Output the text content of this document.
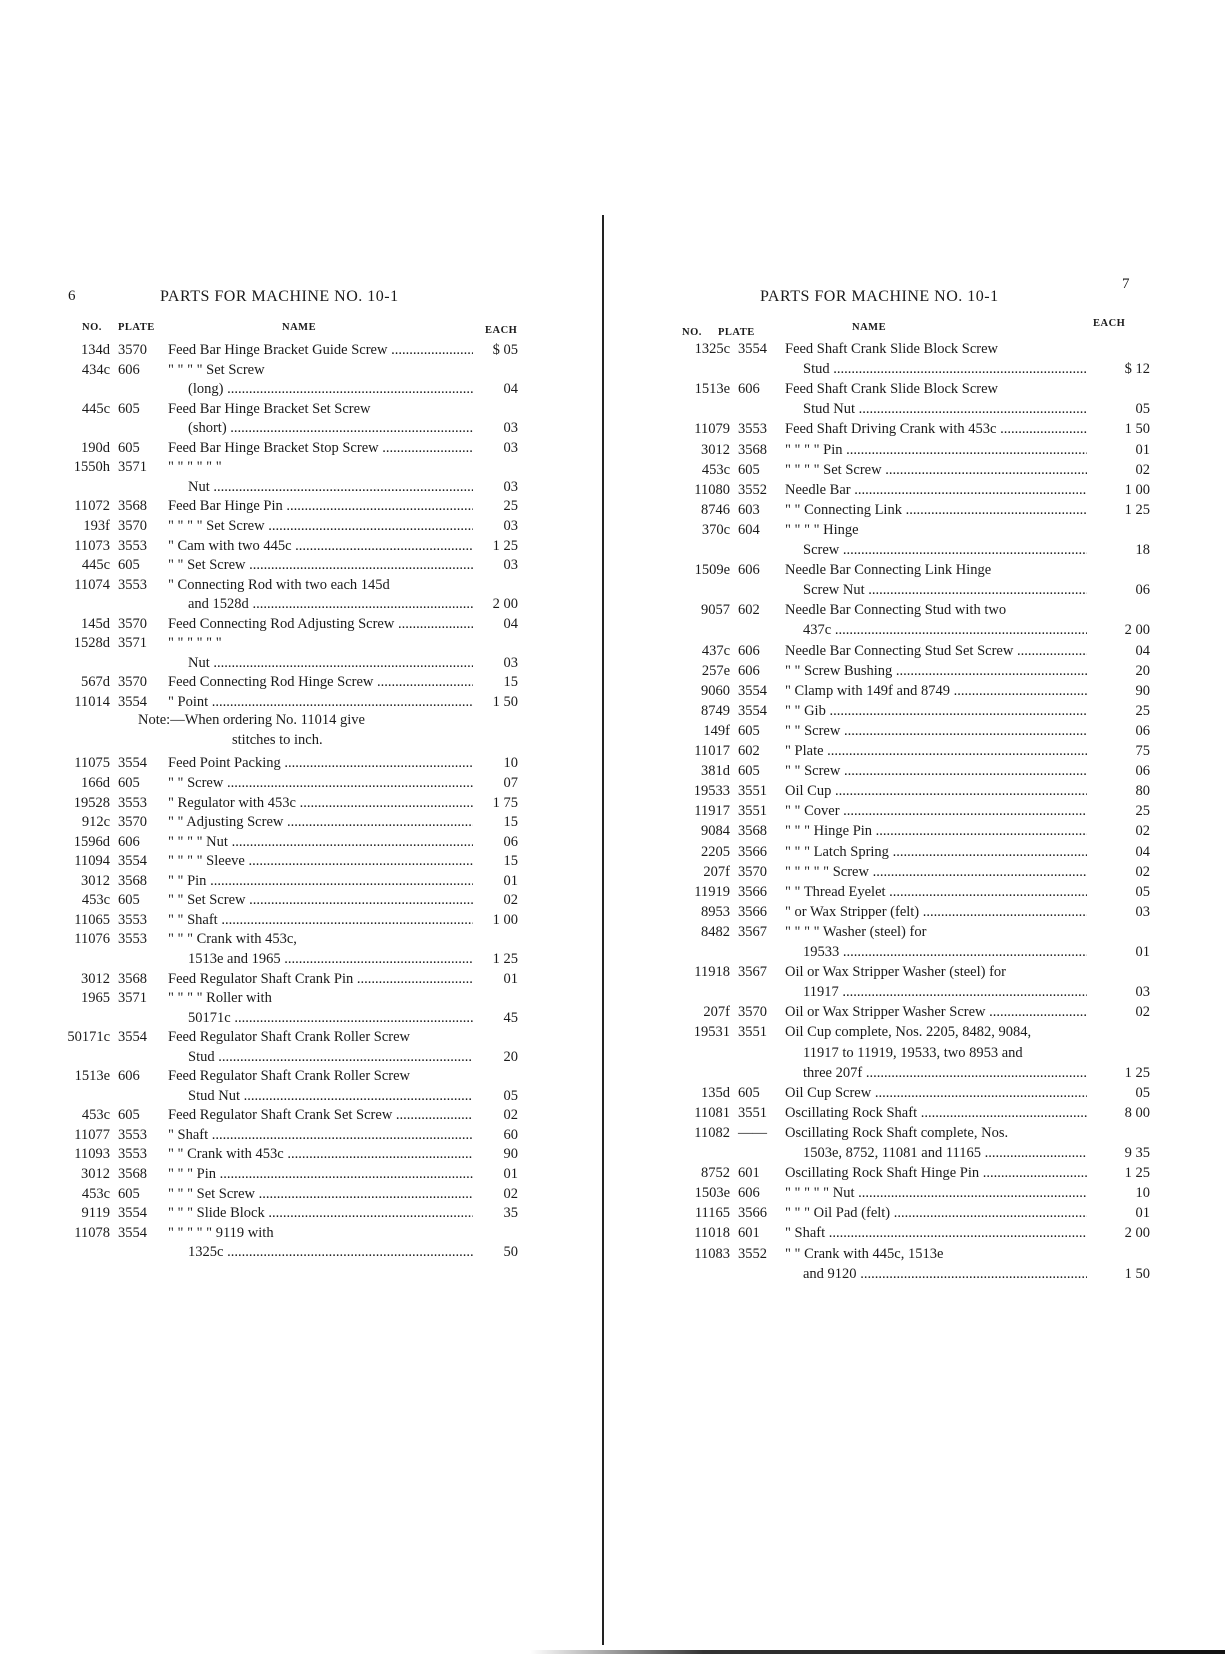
6	PARTS FOR MACHINE NO. 10-1
NO. PLATE	NAME	EACH
134d 3570	Feed Bar Hinge Bracket Guide Screw .....	$ 05
434c 606	" " " " Set Screw
(long) .....	04
445c 605	Feed Bar Hinge Bracket Set Screw
(short) .....	03
190d 605	Feed Bar Hinge Bracket Stop Screw .....	03
1550h 3571	" " " " " "
Nut .....	03
11072 3568	Feed Bar Hinge Pin .....	25
193f 3570	" " " " Set Screw .....	03
11073 3553	" Cam with two 445c .....	1 25
445c 605	" " Set Screw .....	03
11074 3553	" Connecting Rod with two each 145d
and 1528d .....	2 00
145d 3570	Feed Connecting Rod Adjusting Screw .....	04
1528d 3571	" " " " " "
Nut .....	03
567d 3570	Feed Connecting Rod Hinge Screw .....	15
11014 3554	" Point .....	1 50
11075 3554	Feed Point Packing .....	10
166d 605	" " Screw .....	07
19528 3553	" Regulator with 453c .....	1 75
912c 3570	" " Adjusting Screw .....	15
1596d 606	" " " " Nut .....	06
11094 3554	" " " " Sleeve .....	15
3012 3568	" " Pin .....	01
453c 605	" " Set Screw .....	02
11065 3553	" " Shaft .....	1 00
11076 3553	" " " Crank with 453c,
1513e and 1965 .....	1 25
3012 3568	Feed Regulator Shaft Crank Pin .....	01
1965 3571	" " " " Roller with
50171c .....	45
50171c 3554	Feed Regulator Shaft Crank Roller Screw
Stud .....	20
1513e 606	Feed Regulator Shaft Crank Roller Screw
Stud Nut .....	05
453c 605	Feed Regulator Shaft Crank Set Screw .....	02
11077 3553	" Shaft .....	60
11093 3553	" " Crank with 453c .....	90
3012 3568	" " " Pin .....	01
453c 605	" " " Set Screw .....	02
9119 3554	" " " Slide Block .....	35
11078 3554	" " " " " 9119 with
1325c .....	50
Note:—When ordering No. 11014 give
stitches to inch.
PARTS FOR MACHINE NO. 10-1
7
NO. PLATE	NAME	EACH
1325c 3554	Feed Shaft Crank Slide Block Screw
Stud .....	$ 12
1513e 606	Feed Shaft Crank Slide Block Screw
Stud Nut .....	05
11079 3553	Feed Shaft Driving Crank with 453c .....	1 50
3012 3568	" " " " Pin .....	01
453c 605	" " " " Set Screw .....	02
11080 3552	Needle Bar .....	1 00
8746 603	" " Connecting Link .....	1 25
370c 604	" " " " Hinge
Screw .....	18
1509e 606	Needle Bar Connecting Link Hinge
Screw Nut .....	06
9057 602	Needle Bar Connecting Stud with two
437c .....	2 00
437c 606	Needle Bar Connecting Stud Set Screw .....	04
257e 606	" " Screw Bushing .....	20
9060 3554	" Clamp with 149f and 8749 .....	90
8749 3554	" " Gib .....	25
149f 605	" " Screw .....	06
11017 602	" Plate .....	75
381d 605	" " Screw .....	06
19533 3551	Oil Cup .....	80
11917 3551	" " Cover .....	25
9084 3568	" " " Hinge Pin .....	02
2205 3566	" " " Latch Spring .....	04
207f 3570	" " " " " Screw .....	02
11919 3566	" " Thread Eyelet .....	05
8953 3566	" or Wax Stripper (felt) .....	03
8482 3567	" " " " Washer (steel) for
19533 .....	01
11918 3567	Oil or Wax Stripper Washer (steel) for
11917 .....	03
207f 3570	Oil or Wax Stripper Washer Screw .....	02
19531 3551	Oil Cup complete, Nos. 2205, 8482, 9084,
11917 to 11919, 19533, two 8953 and
three 207f .....	1 25
135d 605	Oil Cup Screw .....	05
11081 3551	Oscillating Rock Shaft .....	8 00
11082 ——	Oscillating Rock Shaft complete, Nos.
1503e, 8752, 11081 and 11165 .....	9 35
8752 601	Oscillating Rock Shaft Hinge Pin .....	1 25
1503e 606	" " " " " Nut .....	10
11165 3566	" " " Oil Pad (felt) .....	01
11018 601	" Shaft .....	2 00
11083 3552	" " Crank with 445c, 1513e
and 9120 .....	1 50
